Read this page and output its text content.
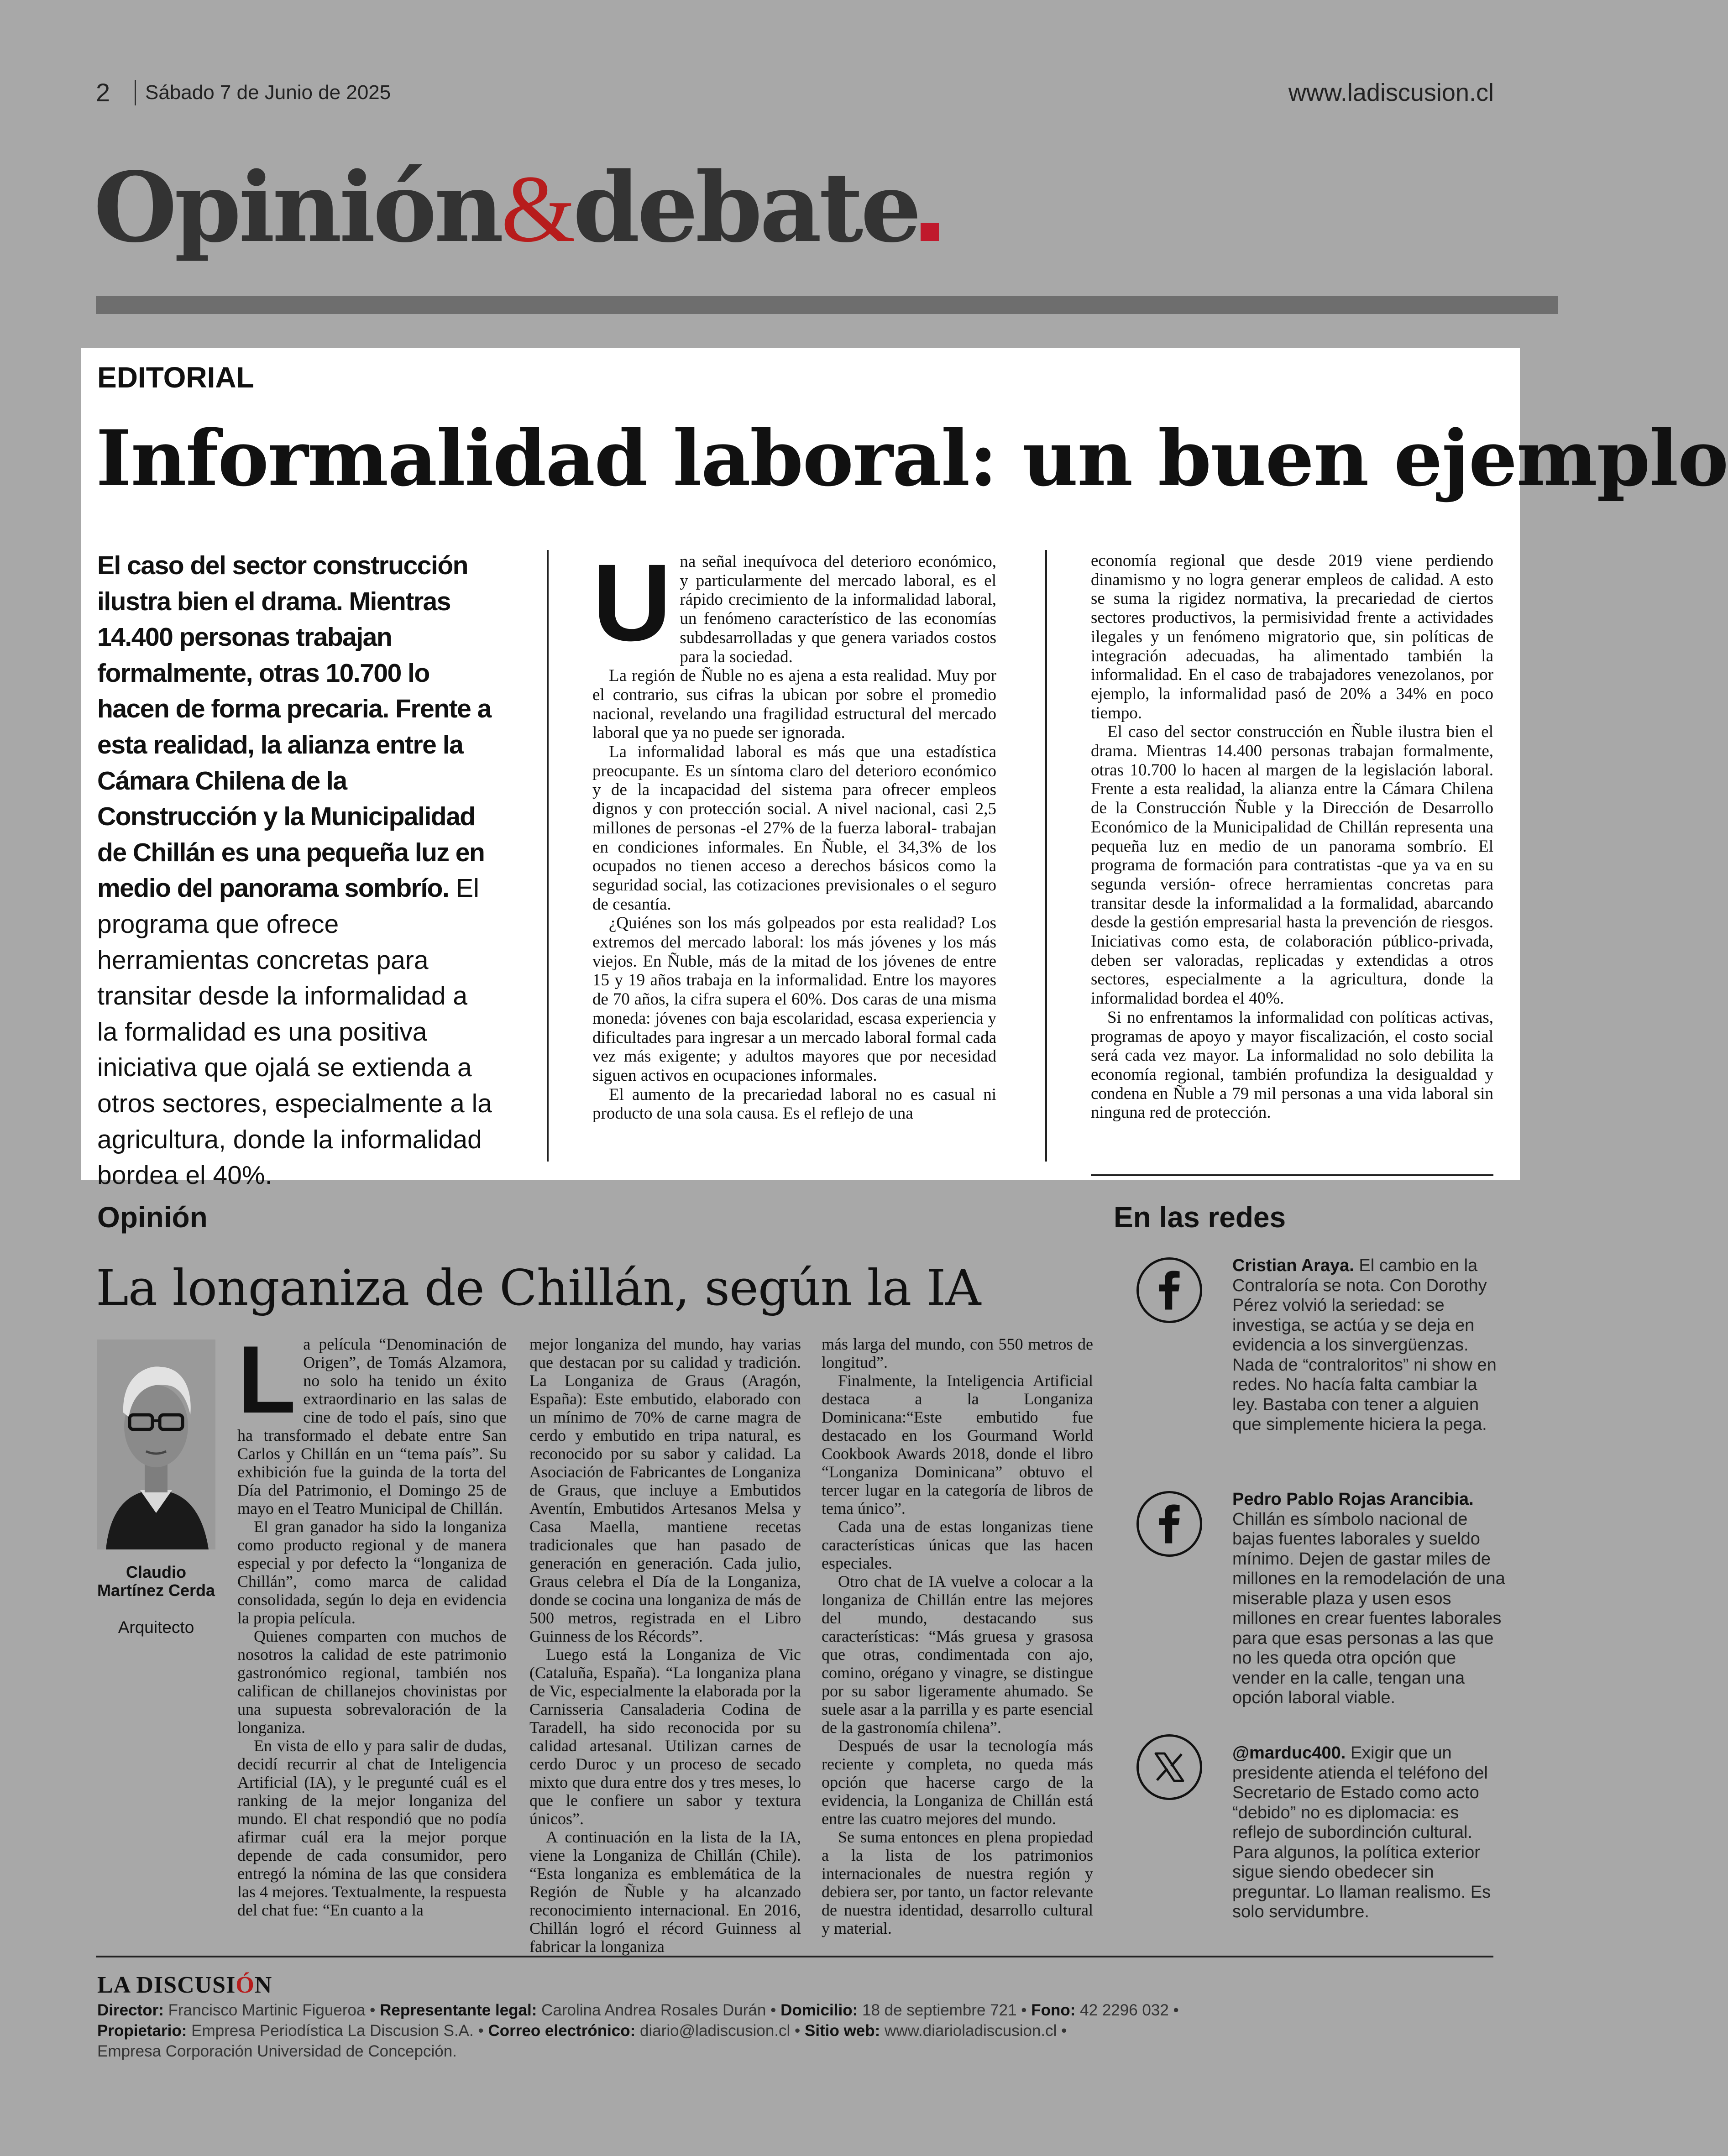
2 Sábado 7 de Junio de 2025	www.ladiscusion.cl
Opinión&debate
EDITORIAL
Informalidad laboral: un buen ejemplo
El caso del sector construcción ilustra bien el drama. Mientras 14.400 personas trabajan formalmente, otras 10.700 lo hacen de forma precaria. Frente a esta realidad, la alianza entre la Cámara Chilena de la Construcción y la Municipalidad de Chillán es una pequeña luz en medio del panorama sombrío. El programa que ofrece herramientas concretas para transitar desde la informalidad a la formalidad es una positiva iniciativa que ojalá se extienda a otros sectores, especialmente a la agricultura, donde la informalidad bordea el 40%.

Una señal inequívoca del deterioro económico, y particularmente del mercado laboral, es el rápido crecimiento de la informalidad laboral, un fenómeno característico de las economías subdesarrolladas y que genera variados costos para la sociedad.

La región de Ñuble no es ajena a esta realidad. Muy por el contrario, sus cifras la ubican por sobre el promedio nacional, revelando una fragilidad estructural del mercado laboral que ya no puede ser ignorada.

La informalidad laboral es más que una estadística preocupante. Es un síntoma claro del deterioro económico y de la incapacidad del sistema para ofrecer empleos dignos y con protección social. A nivel nacional, casi 2,5 millones de personas -el 27% de la fuerza laboral- trabajan en condiciones informales. En Ñuble, el 34,3% de los ocupados no tienen acceso a derechos básicos como la seguridad social, las cotizaciones previsionales o el seguro de cesantía.

¿Quiénes son los más golpeados por esta realidad? Los extremos del mercado laboral: los más jóvenes y los más viejos. En Ñuble, más de la mitad de los jóvenes de entre 15 y 19 años trabaja en la informalidad. Entre los mayores de 70 años, la cifra supera el 60%. Dos caras de una misma moneda: jóvenes con baja escolaridad, escasa experiencia y dificultades para ingresar a un mercado laboral formal cada vez más exigente; y adultos mayores que por necesidad siguen activos en ocupaciones informales.

El aumento de la precariedad laboral no es casual ni producto de una sola causa. Es el reflejo de una

economía regional que desde 2019 viene perdiendo dinamismo y no logra generar empleos de calidad. A esto se suma la rigidez normativa, la precariedad de ciertos sectores productivos, la permisividad frente a actividades ilegales y un fenómeno migratorio que, sin políticas de integración adecuadas, ha alimentado también la informalidad. En el caso de trabajadores venezolanos, por ejemplo, la informalidad pasó de 20% a 34% en poco tiempo.

El caso del sector construcción en Ñuble ilustra bien el drama. Mientras 14.400 personas trabajan formalmente, otras 10.700 lo hacen al margen de la legislación laboral. Frente a esta realidad, la alianza entre la Cámara Chilena de la Construcción Ñuble y la Dirección de Desarrollo Económico de la Municipalidad de Chillán representa una pequeña luz en medio de un panorama sombrío. El programa de formación para contratistas -que ya va en su segunda versión- ofrece herramientas concretas para transitar desde la informalidad a la formalidad, abarcando desde la gestión empresarial hasta la prevención de riesgos. Iniciativas como esta, de colaboración público-privada, deben ser valoradas, replicadas y extendidas a otros sectores, especialmente a la agricultura, donde la informalidad bordea el 40%.

Si no enfrentamos la informalidad con políticas activas, programas de apoyo y mayor fiscalización, el costo social será cada vez mayor. La informalidad no solo debilita la economía regional, también profundiza la desigualdad y condena en Ñuble a 79 mil personas a una vida laboral sin ninguna red de protección.

Opinión
La longaniza de Chillán, según la IA
Claudio Martínez Cerda
Arquitecto

La película “Denominación de Origen”, de Tomás Alzamora, no solo ha tenido un éxito extraordinario en las salas de cine de todo el país, sino que ha transformado el debate entre San Carlos y Chillán en un “tema país”. Su exhibición fue la guinda de la torta del Día del Patrimonio, el Domingo 25 de mayo en el Teatro Municipal de Chillán.

El gran ganador ha sido la longaniza como producto regional y de manera especial y por defecto la “longaniza de Chillán”, como marca de calidad consolidada, según lo deja en evidencia la propia película.

Quienes comparten con muchos de nosotros la calidad de este patrimonio gastronómico regional, también nos califican de chillanejos chovinistas por una supuesta sobrevaloración de la longaniza.

En vista de ello y para salir de dudas, decidí recurrir al chat de Inteligencia Artificial (IA), y le pregunté cuál es el ranking de la mejor longaniza del mundo. El chat respondió que no podía afirmar cuál era la mejor porque depende de cada consumidor, pero entregó la nómina de las que considera las 4 mejores. Textualmente, la respuesta del chat fue: “En cuanto a la

mejor longaniza del mundo, hay varias que destacan por su calidad y tradición. La Longaniza de Graus (Aragón, España): Este embutido, elaborado con un mínimo de 70% de carne magra de cerdo y embutido en tripa natural, es reconocido por su sabor y calidad. La Asociación de Fabricantes de Longaniza de Graus, que incluye a Embutidos Aventín, Embutidos Artesanos Melsa y Casa Maella, mantiene recetas tradicionales que han pasado de generación en generación. Cada julio, Graus celebra el Día de la Longaniza, donde se cocina una longaniza de más de 500 metros, registrada en el Libro Guinness de los Récords”.

Luego está la Longaniza de Vic (Cataluña, España). “La longaniza plana de Vic, especialmente la elaborada por la Carnisseria Cansaladeria Codina de Taradell, ha sido reconocida por su calidad artesanal. Utilizan carnes de cerdo Duroc y un proceso de secado mixto que dura entre dos y tres meses, lo que le confiere un sabor y textura únicos”.

A continuación en la lista de la IA, viene la Longaniza de Chillán (Chile). “Esta longaniza es emblemática de la Región de Ñuble y ha alcanzado reconocimiento internacional. En 2016, Chillán logró el récord Guinness al fabricar la longaniza

más larga del mundo, con 550 metros de longitud”.

Finalmente, la Inteligencia Artificial destaca a la Longaniza Dominicana:“Este embutido fue destacado en los Gourmand World Cookbook Awards 2018, donde el libro “Longaniza Dominicana” obtuvo el tercer lugar en la categoría de libros de tema único”.

Cada una de estas longanizas tiene características únicas que las hacen especiales.

Otro chat de IA vuelve a colocar a la longaniza de Chillán entre las mejores del mundo, destacando sus características: “Más gruesa y grasosa que otras, condimentada con ajo, comino, orégano y vinagre, se distingue por su sabor ligeramente ahumado. Se suele asar a la parrilla y es parte esencial de la gastronomía chilena”.

Después de usar la tecnología más reciente y completa, no queda más opción que hacerse cargo de la evidencia, la Longaniza de Chillán está entre las cuatro mejores del mundo.

Se suma entonces en plena propiedad a la lista de los patrimonios internacionales de nuestra región y debiera ser, por tanto, un factor relevante de nuestra identidad, desarrollo cultural y material.

En las redes
Cristian Araya. El cambio en la Contraloría se nota. Con Dorothy Pérez volvió la seriedad: se investiga, se actúa y se deja en evidencia a los sinvergüenzas. Nada de “contraloritos” ni show en redes. No hacía falta cambiar la ley. Bastaba con tener a alguien que simplemente hiciera la pega.
Pedro Pablo Rojas Arancibia. Chillán es símbolo nacional de bajas fuentes laborales y sueldo mínimo. Dejen de gastar miles de millones en la remodelación de una miserable plaza y usen esos millones en crear fuentes laborales para que esas personas a las que no les queda otra opción que vender en la calle, tengan una opción laboral viable.
@marduc400. Exigir que un presidente atienda el teléfono del Secretario de Estado como acto “debido” no es diplomacia: es reflejo de subordinción cultural. Para algunos, la política exterior sigue siendo obedecer sin preguntar. Lo llaman realismo. Es solo servidumbre.
LA DISCUSIÓN
Director: Francisco Martinic Figueroa • Representante legal: Carolina Andrea Rosales Durán • Domicilio: 18 de septiembre 721 • Fono: 42 2296 032 •
Propietario: Empresa Periodística La Discusion S.A. • Correo electrónico: diario@ladiscusion.cl • Sitio web: www.diarioladiscusion.cl •
Empresa Corporación Universidad de Concepción.
